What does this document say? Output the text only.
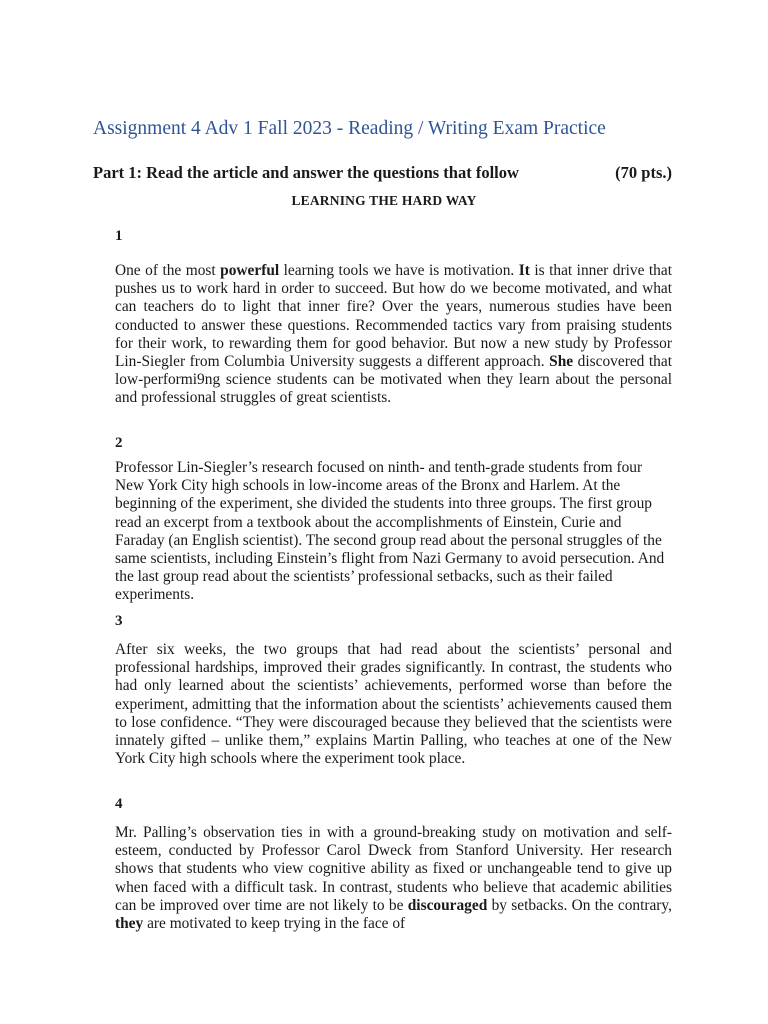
Assignment 4 Adv 1 Fall 2023 - Reading / Writing Exam Practice
Part 1: Read the article and answer the questions that follow	(70 pts.)
LEARNING THE HARD WAY
1
One of the most powerful learning tools we have is motivation. It is that inner drive that pushes us to work hard in order to succeed. But how do we become motivated, and what can teachers do to light that inner fire? Over the years, numerous studies have been conducted to answer these questions. Recommended tactics vary from praising students for their work, to rewarding them for good behavior. But now a new study by Professor Lin-Siegler from Columbia University suggests a different approach. She discovered that low-performi9ng science students can be motivated when they learn about the personal and professional struggles of great scientists.
2
Professor Lin-Siegler’s research focused on ninth- and tenth-grade students from four New York City high schools in low-income areas of the Bronx and Harlem. At the beginning of the experiment, she divided the students into three groups. The first group read an excerpt from a textbook about the accomplishments of Einstein, Curie and Faraday (an English scientist). The second group read about the personal struggles of the same scientists, including Einstein’s flight from Nazi Germany to avoid persecution. And the last group read about the scientists’ professional setbacks, such as their failed experiments.
3
After six weeks, the two groups that had read about the scientists’ personal and professional hardships, improved their grades significantly. In contrast, the students who had only learned about the scientists’ achievements, performed worse than before the experiment, admitting that the information about the scientists’ achievements caused them to lose confidence. “They were discouraged because they believed that the scientists were innately gifted – unlike them,” explains Martin Palling, who teaches at one of the New York City high schools where the experiment took place.
4
Mr. Palling’s observation ties in with a ground-breaking study on motivation and self-esteem, conducted by Professor Carol Dweck from Stanford University. Her research shows that students who view cognitive ability as fixed or unchangeable tend to give up when faced with a difficult task. In contrast, students who believe that academic abilities can be improved over time are not likely to be discouraged by setbacks. On the contrary, they are motivated to keep trying in the face of
